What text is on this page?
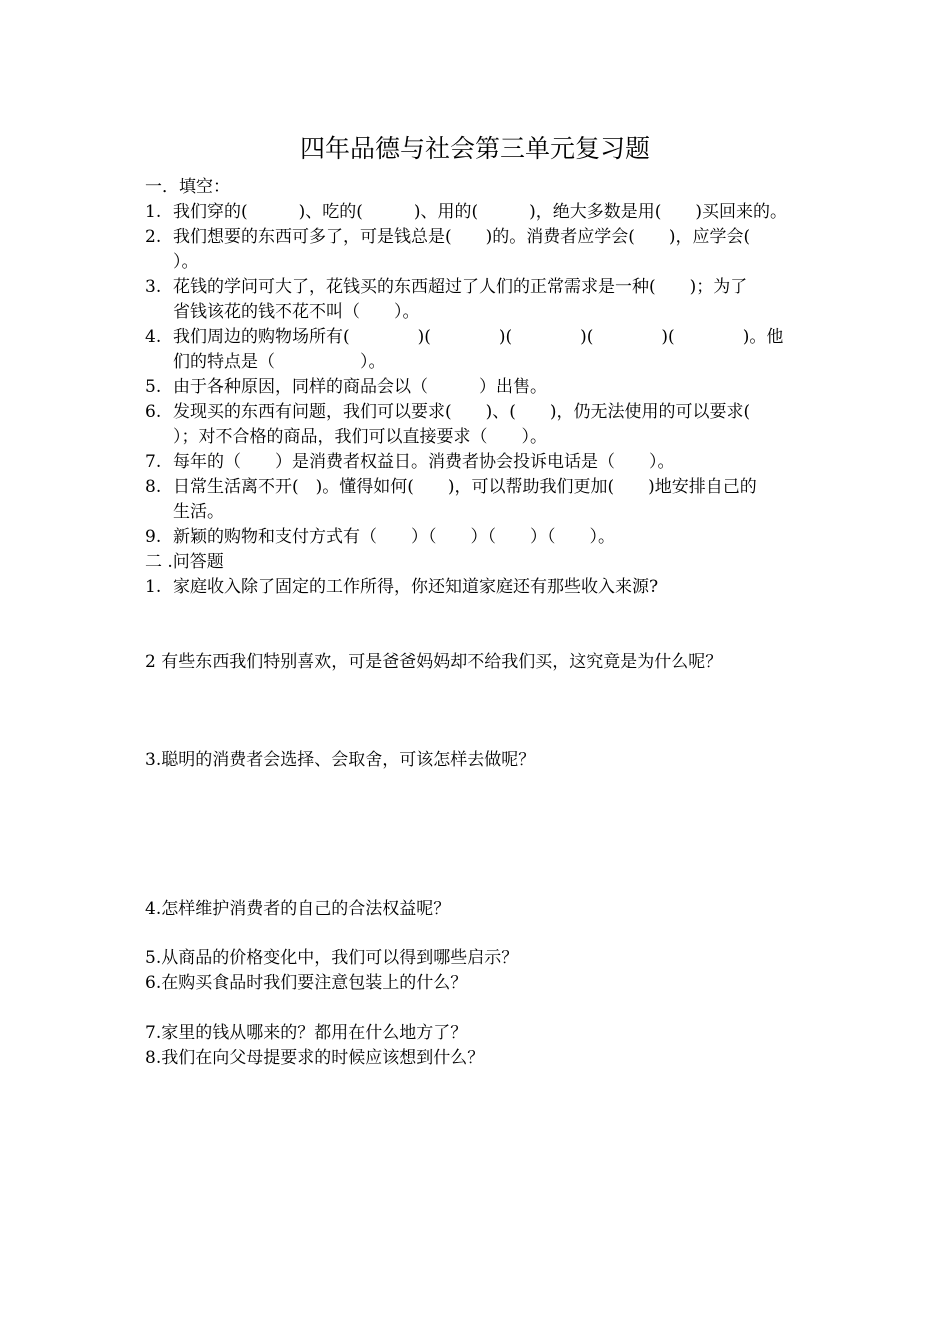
四年品德与社会第三单元复习题
一．填空：
1. 我们穿的(　　　)、吃的(　　　)、用的(　　　)，绝大多数是用(　　)买回来的。
2. 我们想要的东西可多了，可是钱总是(　　)的。消费者应学会(　　)，应学会(
）。
3. 花钱的学问可大了，花钱买的东西超过了人们的正常需求是一种(　　)；为了
省钱该花的钱不花不叫（　　）。
4. 我们周边的购物场所有(　　　　)(　　　　)(　　　　)(　　　　)(　　　　)。他
们的特点是（　　　　　）。
5. 由于各种原因，同样的商品会以（　　　）出售。
6. 发现买的东西有问题，我们可以要求(　　)、(　　)，仍无法使用的可以要求(
）；对不合格的商品，我们可以直接要求（　　）。
7. 每年的（　　）是消费者权益日。消费者协会投诉电话是（　　）。
8. 日常生活离不开(　)。懂得如何(　　)，可以帮助我们更加(　　)地安排自己的
生活。
9. 新颖的购物和支付方式有（　　）（　　）（　　）（　　）。
二 .问答题
1. 家庭收入除了固定的工作所得，你还知道家庭还有那些收入来源?
2 有些东西我们特别喜欢，可是爸爸妈妈却不给我们买，这究竟是为什么呢？
3.聪明的消费者会选择、会取舍，可该怎样去做呢？
4.怎样维护消费者的自己的合法权益呢？
5.从商品的价格变化中，我们可以得到哪些启示？
6.在购买食品时我们要注意包装上的什么？
7.家里的钱从哪来的？都用在什么地方了？
8.我们在向父母提要求的时候应该想到什么？
